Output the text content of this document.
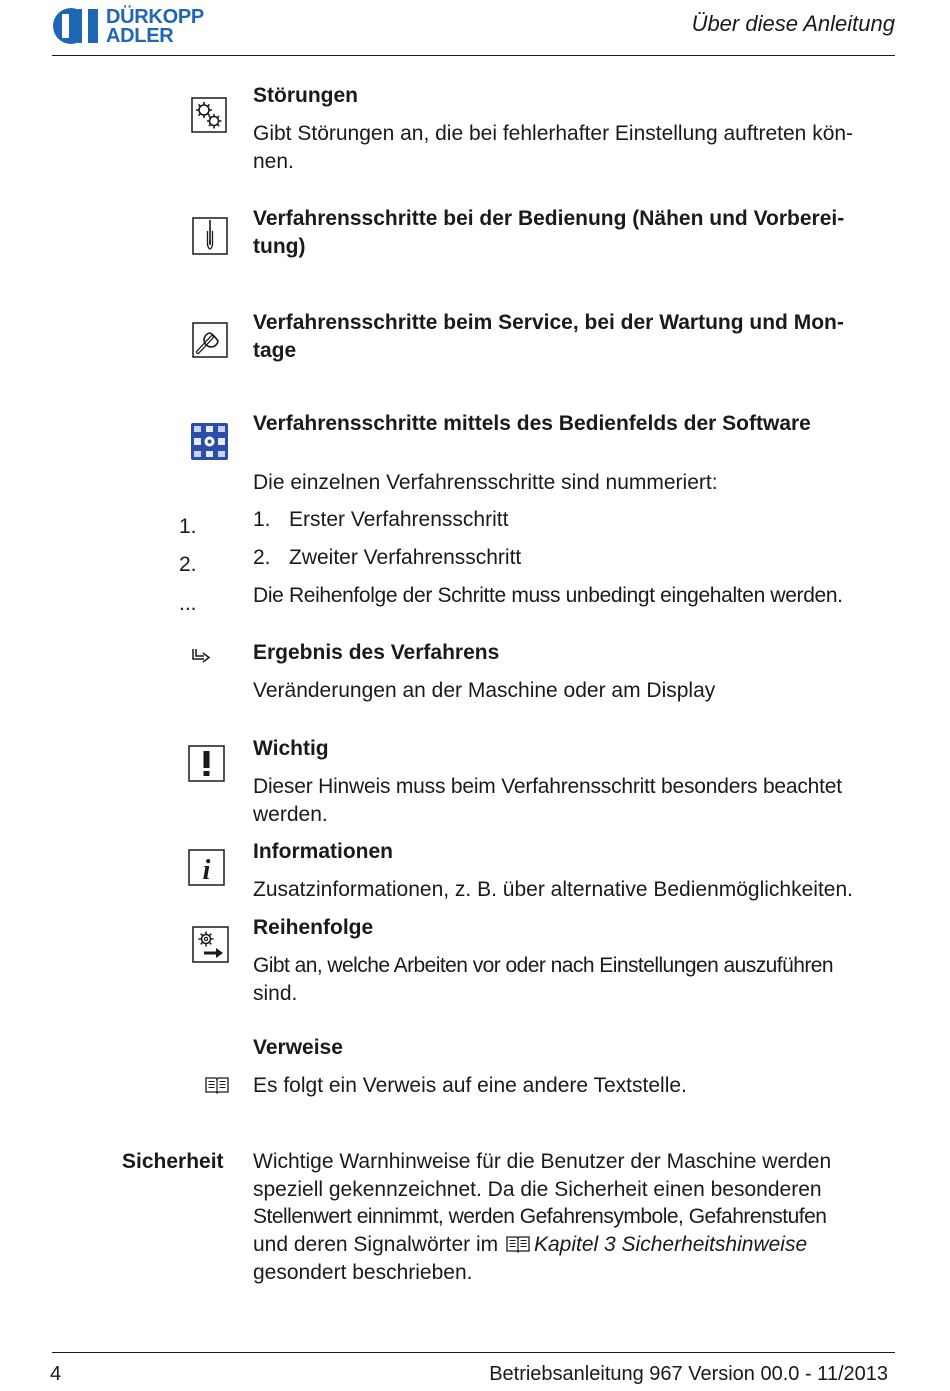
DÜRKOPP
ADLER	Über diese Anleitung
Störungen
Gibt Störungen an, die bei fehlerhafter Einstellung auftreten kön-
nen.
Verfahrensschritte bei der Bedienung (Nähen und Vorberei-
tung)
Verfahrensschritte beim Service, bei der Wartung und Mon-
tage
Verfahrensschritte mittels des Bedienfelds der Software
Die einzelnen Verfahrensschritte sind nummeriert:
1.
2.
...
1. Erster Verfahrensschritt
2. Zweiter Verfahrensschritt
Die Reihenfolge der Schritte muss unbedingt eingehalten werden.
Ergebnis des Verfahrens
Veränderungen an der Maschine oder am Display
Wichtig
Dieser Hinweis muss beim Verfahrensschritt besonders beachtet
werden.
i
Informationen
Zusatzinformationen, z. B. über alternative Bedienmöglichkeiten.
Reihenfolge
Gibt an, welche Arbeiten vor oder nach Einstellungen auszuführen
sind.
Verweise
Es folgt ein Verweis auf eine andere Textstelle.
Sicherheit Wichtige Warnhinweise für die Benutzer der Maschine werden
speziell gekennzeichnet. Da die Sicherheit einen besonderen
Stellenwert einnimmt, werden Gefahrensymbole, Gefahrenstufen
und deren Signalwörter im Kapitel 3 Sicherheitshinweise
gesondert beschrieben.
4	Betriebsanleitung 967 Version 00.0 - 11/2013
